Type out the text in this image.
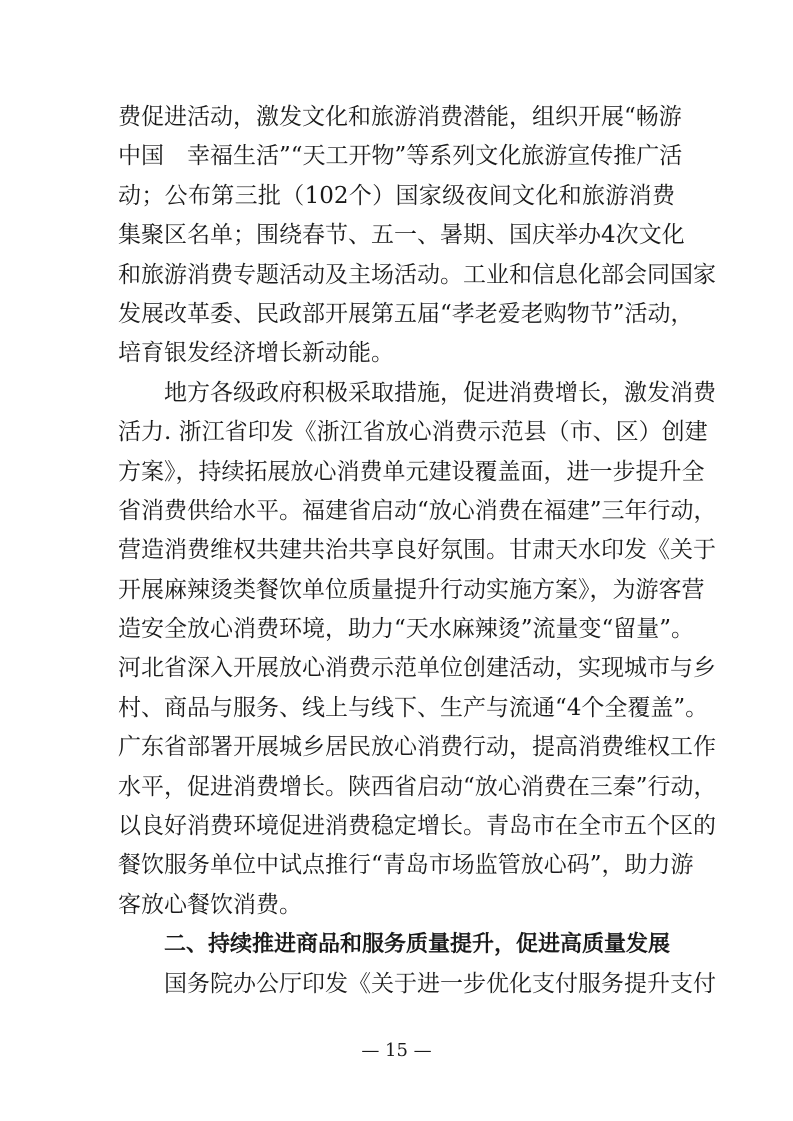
费促进活动，激发文化和旅游消费潜能，组织开展“畅游
中国　幸福生活”“天工开物”等系列文化旅游宣传推广活
动；公布第三批（102个）国家级夜间文化和旅游消费
集聚区名单；围绕春节、五一、暑期、国庆举办4次文化
和旅游消费专题活动及主场活动。工业和信息化部会同国家
发展改革委、民政部开展第五届“孝老爱老购物节”活动，
培育银发经济增长新动能。
地方各级政府积极采取措施，促进消费增长，激发消费
活力. 浙江省印发《浙江省放心消费示范县（市、区）创建
方案》，持续拓展放心消费单元建设覆盖面，进一步提升全
省消费供给水平。福建省启动“放心消费在福建”三年行动，
营造消费维权共建共治共享良好氛围。甘肃天水印发《关于
开展麻辣烫类餐饮单位质量提升行动实施方案》，为游客营
造安全放心消费环境，助力“天水麻辣烫”流量变“留量”。
河北省深入开展放心消费示范单位创建活动，实现城市与乡
村、商品与服务、线上与线下、生产与流通“4个全覆盖”。
广东省部署开展城乡居民放心消费行动，提高消费维权工作
水平，促进消费增长。陕西省启动“放心消费在三秦”行动，
以良好消费环境促进消费稳定增长。青岛市在全市五个区的
餐饮服务单位中试点推行“青岛市场监管放心码”，助力游
客放心餐饮消费。
二、持续推进商品和服务质量提升，促进高质量发展
国务院办公厅印发《关于进一步优化支付服务提升支付
— 15 —
